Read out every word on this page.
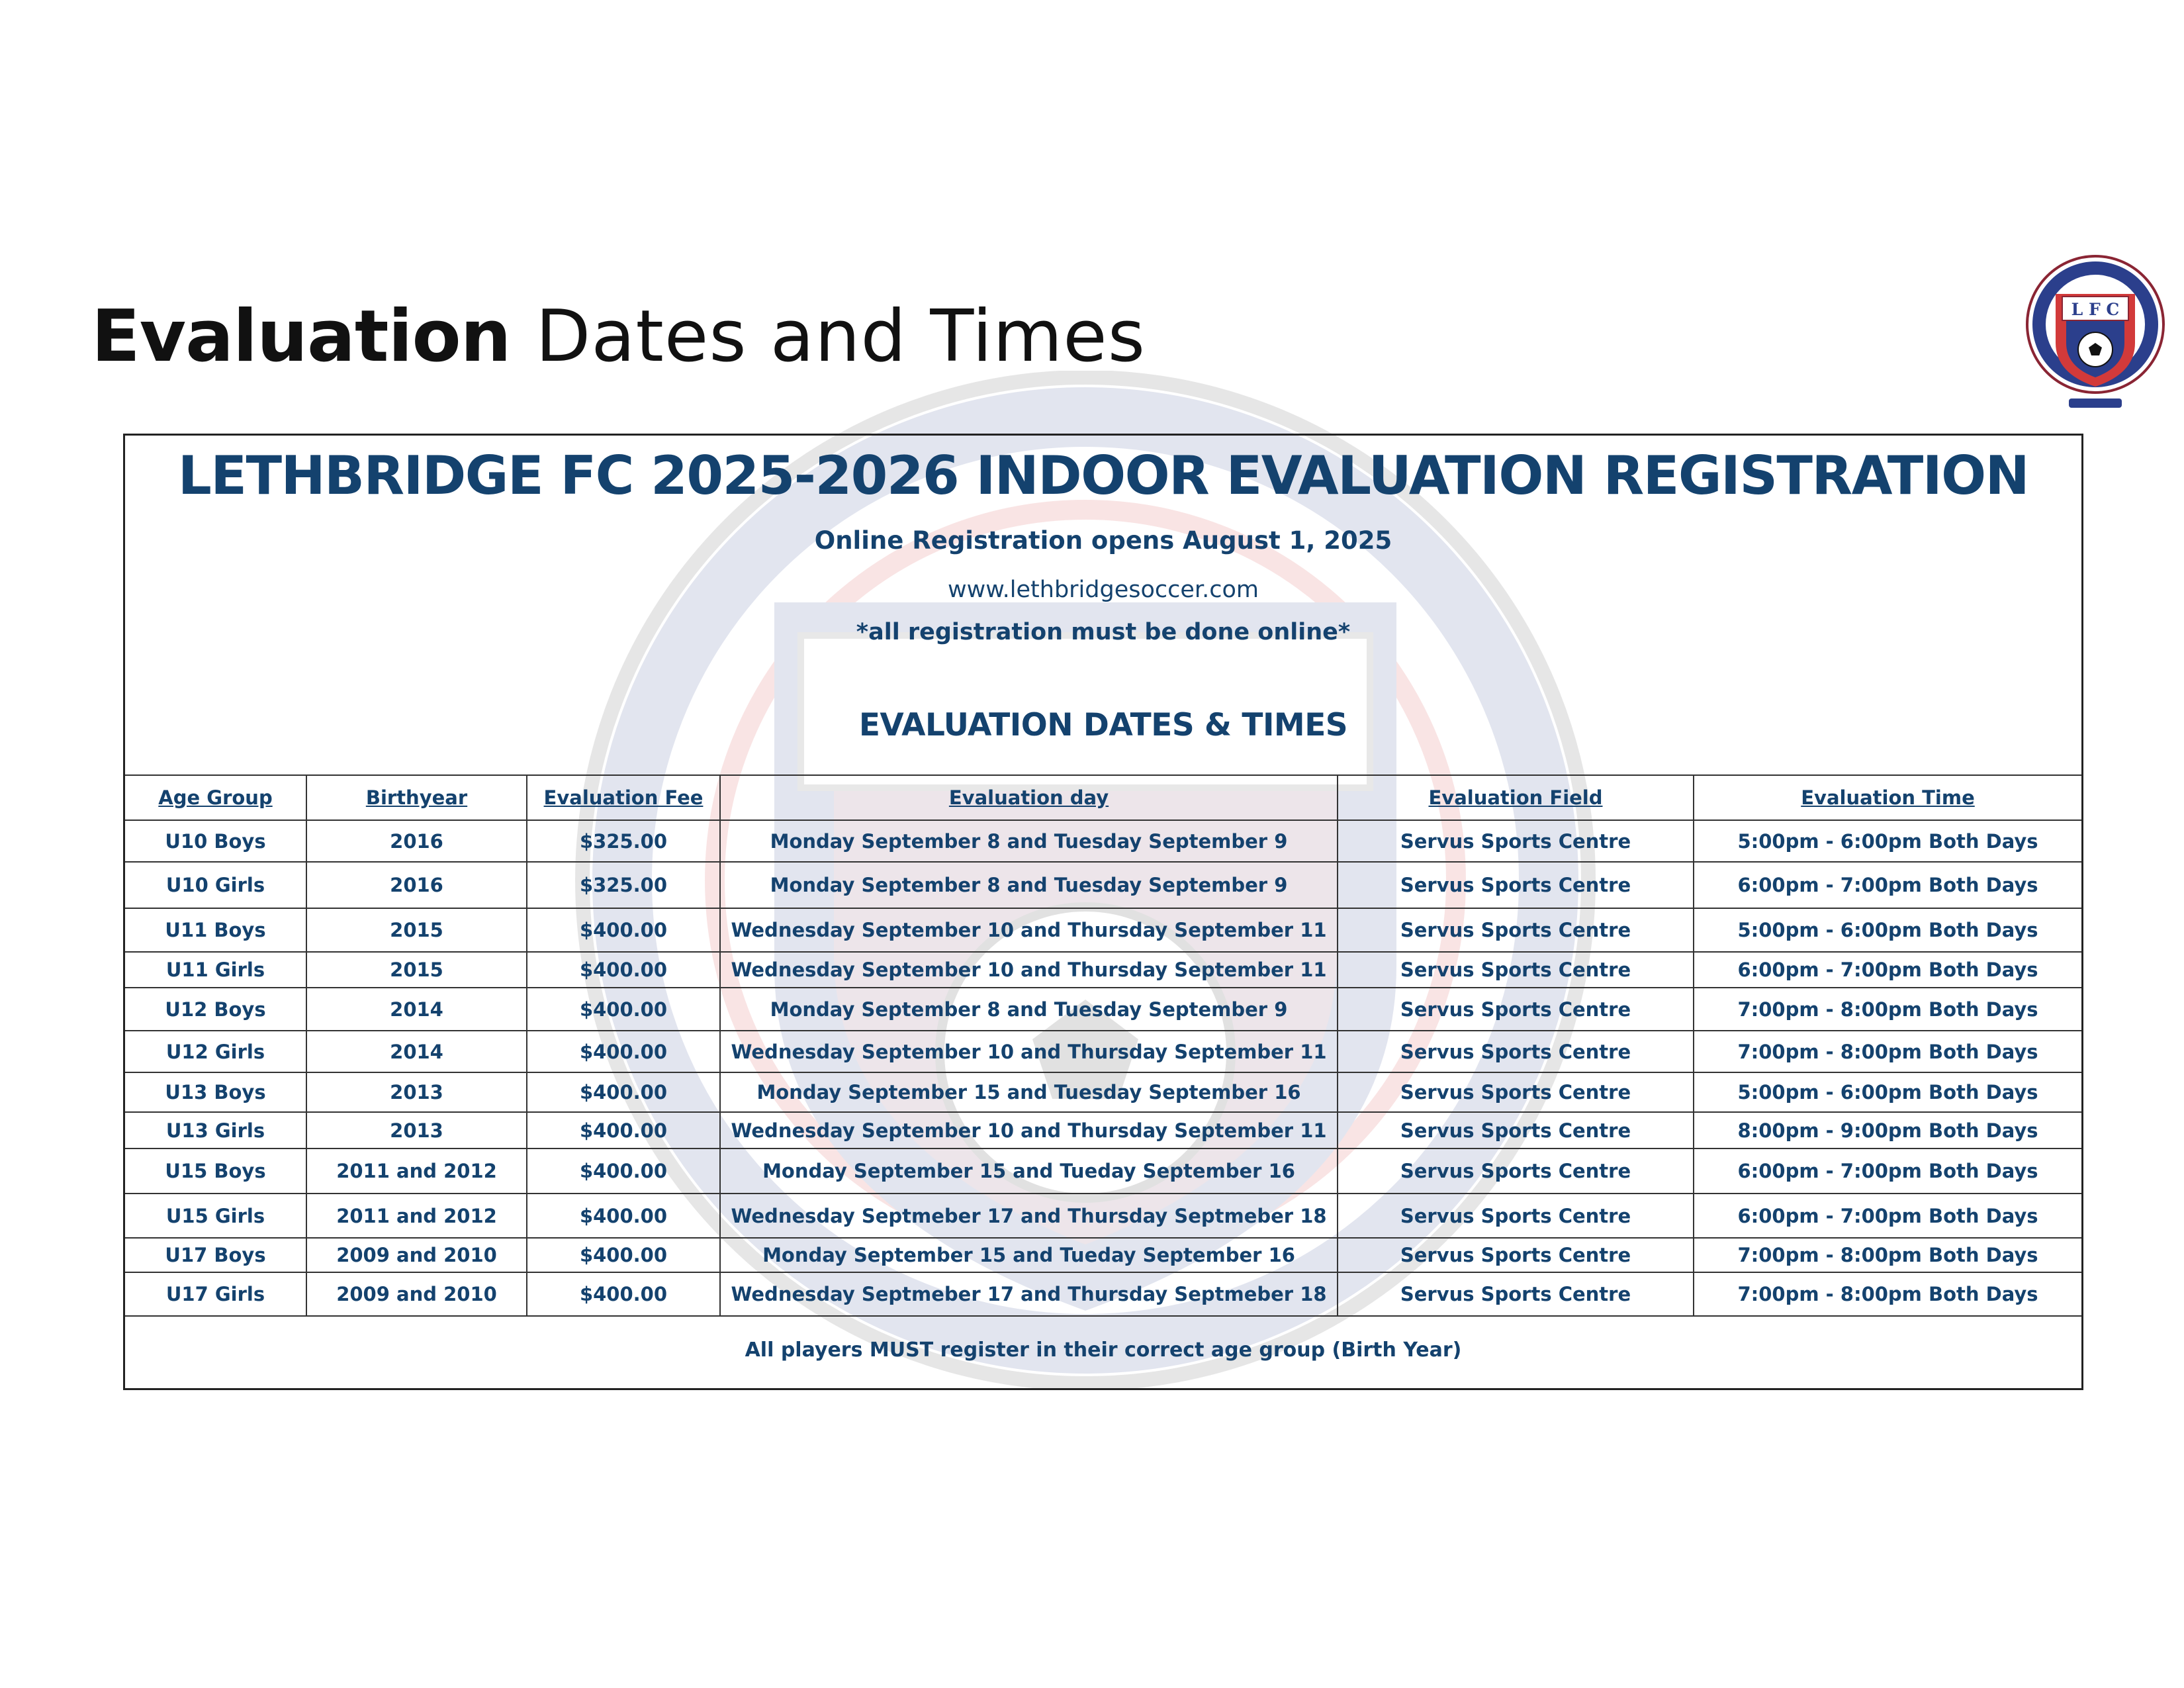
Evaluation Dates and Times	L F C
LETHBRIDGE FC 2025-2026 INDOOR EVALUATION REGISTRATION
Online Registration opens August 1, 2025
www.lethbridgesoccer.com
*all registration must be done online*
EVALUATION DATES & TIMES
Age Group	Birthyear	Evaluation Fee	Evaluation day	Evaluation Field	Evaluation Time
U10 Boys	2016	$325.00	Monday September 8 and Tuesday September 9	Servus Sports Centre	5:00pm - 6:00pm Both Days
U10 Girls	2016	$325.00	Monday September 8 and Tuesday September 9	Servus Sports Centre	6:00pm - 7:00pm Both Days
U11 Boys	2015	$400.00	Wednesday September 10 and Thursday September 11	Servus Sports Centre	5:00pm - 6:00pm Both Days
U11 Girls	2015	$400.00	Wednesday September 10 and Thursday September 11	Servus Sports Centre	6:00pm - 7:00pm Both Days
U12 Boys	2014	$400.00	Monday September 8 and Tuesday September 9	Servus Sports Centre	7:00pm - 8:00pm Both Days
U12 Girls	2014	$400.00	Wednesday September 10 and Thursday September 11	Servus Sports Centre	7:00pm - 8:00pm Both Days
U13 Boys	2013	$400.00	Monday September 15 and Tuesday September 16	Servus Sports Centre	5:00pm - 6:00pm Both Days
U13 Girls	2013	$400.00	Wednesday September 10 and Thursday September 11	Servus Sports Centre	8:00pm - 9:00pm Both Days
U15 Boys	2011 and 2012	$400.00	Monday September 15 and Tueday September 16	Servus Sports Centre	6:00pm - 7:00pm Both Days
U15 Girls	2011 and 2012	$400.00	Wednesday Septmeber 17 and Thursday Septmeber 18	Servus Sports Centre	6:00pm - 7:00pm Both Days
U17 Boys	2009 and 2010	$400.00	Monday September 15 and Tueday September 16	Servus Sports Centre	7:00pm - 8:00pm Both Days
U17 Girls	2009 and 2010	$400.00	Wednesday Septmeber 17 and Thursday Septmeber 18	Servus Sports Centre	7:00pm - 8:00pm Both Days
All players MUST register in their correct age group (Birth Year)
